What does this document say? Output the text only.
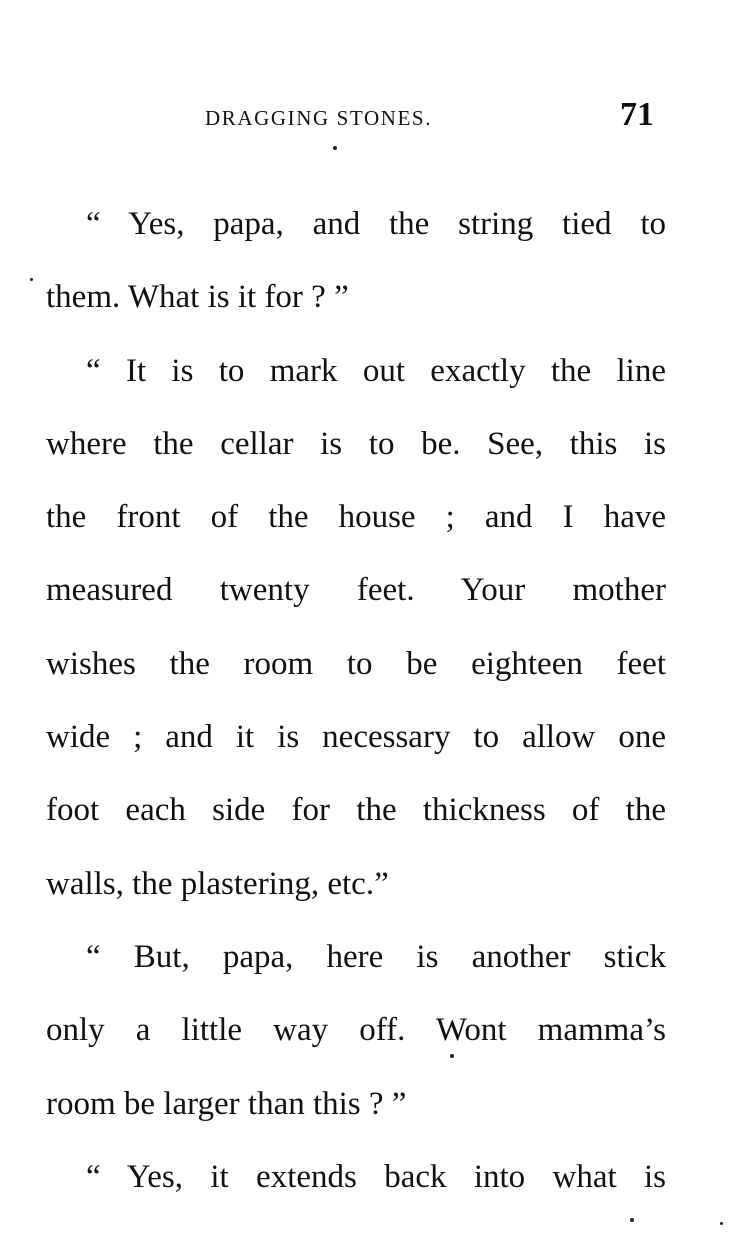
DRAGGING STONES.	71
“ Yes, papa, and the string tied to
them. What is it for ? ”
“ It is to mark out exactly the line
where the cellar is to be. See, this is
the front of the house ; and I have
measured twenty feet. Your mother
wishes the room to be eighteen feet
wide ; and it is necessary to allow one
foot each side for the thickness of the
walls, the plastering, etc.”
“ But, papa, here is another stick
only a little way off. Wont mamma’s
room be larger than this ? ”
“ Yes, it extends back into what is
